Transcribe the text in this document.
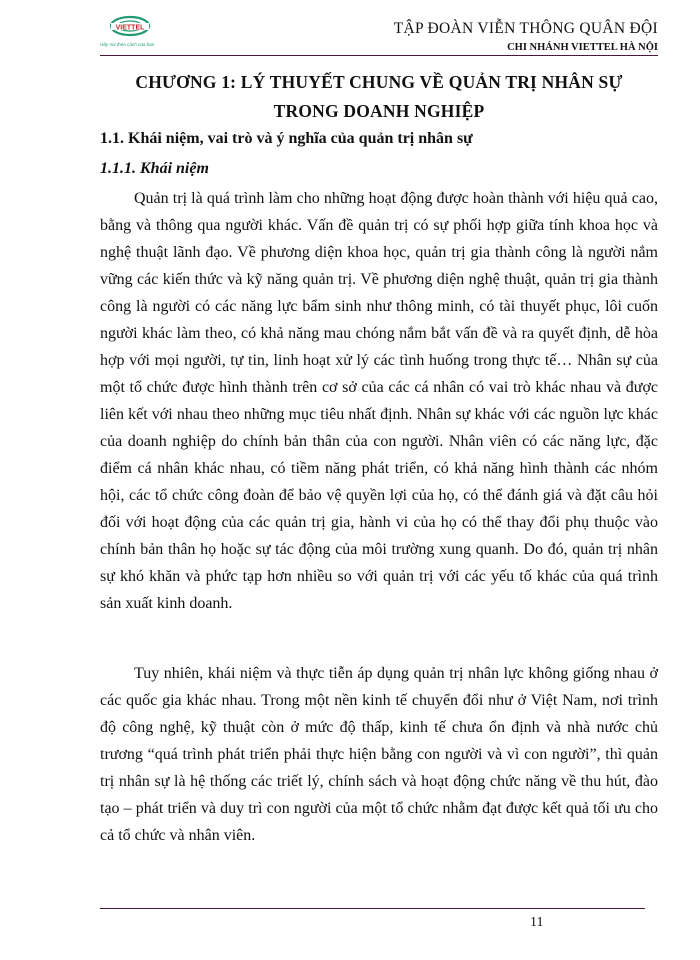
VIETTEL
Hãy nói theo cách của bạn
TẬP ĐOÀN VIỄN THÔNG QUÂN ĐỘI
CHI NHÁNH VIETTEL HÀ NỘI
CHƯƠNG 1: LÝ THUYẾT CHUNG VỀ QUẢN TRỊ NHÂN SỰ
TRONG DOANH NGHIỆP
1.1. Khái niệm, vai trò và ý nghĩa của quản trị nhân sự
1.1.1. Khái niệm

Quản trị là quá trình làm cho những hoạt động được hoàn thành với hiệu quả cao, bằng và thông qua người khác. Vấn đề quản trị có sự phối hợp giữa tính khoa học và nghệ thuật lãnh đạo. Về phương diện khoa học, quản trị gia thành công là người nắm vững các kiến thức và kỹ năng quản trị. Về phương diện nghệ thuật, quản trị gia thành công là người có các năng lực bẩm sinh như thông minh, có tài thuyết phục, lôi cuốn người khác làm theo, có khả năng mau chóng nắm bắt vấn đề và ra quyết định, dễ hòa hợp với mọi người, tự tin, linh hoạt xử lý các tình huống trong thực tế… Nhân sự của một tổ chức được hình thành trên cơ sở của các cá nhân có vai trò khác nhau và được liên kết với nhau theo những mục tiêu nhất định. Nhân sự khác với các nguồn lực khác của doanh nghiệp do chính bản thân của con người. Nhân viên có các năng lực, đặc điểm cá nhân khác nhau, có tiềm năng phát triển, có khả năng hình thành các nhóm hội, các tổ chức công đoàn để bảo vệ quyền lợi của họ, có thể đánh giá và đặt câu hỏi đối với hoạt động của các quản trị gia, hành vi của họ có thể thay đổi phụ thuộc vào chính bản thân họ hoặc sự tác động của môi trường xung quanh. Do đó, quản trị nhân sự khó khăn và phức tạp hơn nhiều so với quản trị với các yếu tố khác của quá trình sản xuất kinh doanh.

Tuy nhiên, khái niệm và thực tiễn áp dụng quản trị nhân lực không giống nhau ở các quốc gia khác nhau. Trong một nền kinh tế chuyển đổi như ở Việt Nam, nơi trình độ công nghệ, kỹ thuật còn ở mức độ thấp, kinh tế chưa ổn định và nhà nước chủ trương “quá trình phát triển phải thực hiện bằng con người và vì con người”, thì quản trị nhân sự là hệ thống các triết lý, chính sách và hoạt động chức năng về thu hút, đào tạo – phát triển và duy trì con người của một tổ chức nhằm đạt được kết quả tối ưu cho cả tổ chức và nhân viên.

11
